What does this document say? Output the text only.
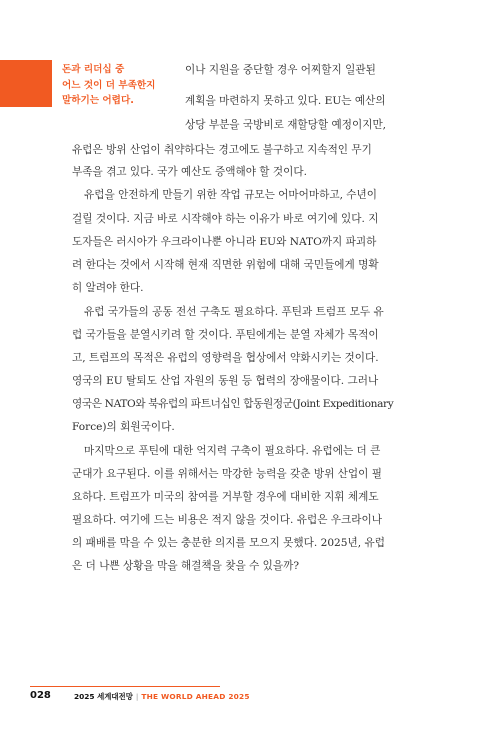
돈과 리더십 중
어느 것이 더 부족한지
말하기는 어렵다.
이나 지원을 중단할 경우 어찌할지 일관된
계획을 마련하지 못하고 있다. EU는 예산의
상당 부분을 국방비로 재할당할 예정이지만,
유럽은 방위 산업이 취약하다는 경고에도 불구하고 지속적인 무기
부족을 겪고 있다. 국가 예산도 증액해야 할 것이다.
유럽을 안전하게 만들기 위한 작업 규모는 어마어마하고, 수년이
걸릴 것이다. 지금 바로 시작해야 하는 이유가 바로 여기에 있다. 지
도자들은 러시아가 우크라이나뿐 아니라 EU와 NATO까지 파괴하
려 한다는 것에서 시작해 현재 직면한 위험에 대해 국민들에게 명확
히 알려야 한다.
유럽 국가들의 공동 전선 구축도 필요하다. 푸틴과 트럼프 모두 유
럽 국가들을 분열시키려 할 것이다. 푸틴에게는 분열 자체가 목적이
고, 트럼프의 목적은 유럽의 영향력을 협상에서 약화시키는 것이다.
영국의 EU 탈퇴도 산업 자원의 동원 등 협력의 장애물이다. 그러나
영국은 NATO와 북유럽의 파트너십인 합동원정군(Joint Expeditionary
Force)의 회원국이다.
마지막으로 푸틴에 대한 억지력 구축이 필요하다. 유럽에는 더 큰
군대가 요구된다. 이를 위해서는 막강한 능력을 갖춘 방위 산업이 필
요하다. 트럼프가 미국의 참여를 거부할 경우에 대비한 지휘 체계도
필요하다. 여기에 드는 비용은 적지 않을 것이다. 유럽은 우크라이나
의 패배를 막을 수 있는 충분한 의지를 모으지 못했다. 2025년, 유럽
은 더 나쁜 상황을 막을 해결책을 찾을 수 있을까?
028	2025 세계대전망 | THE WORLD AHEAD 2025
